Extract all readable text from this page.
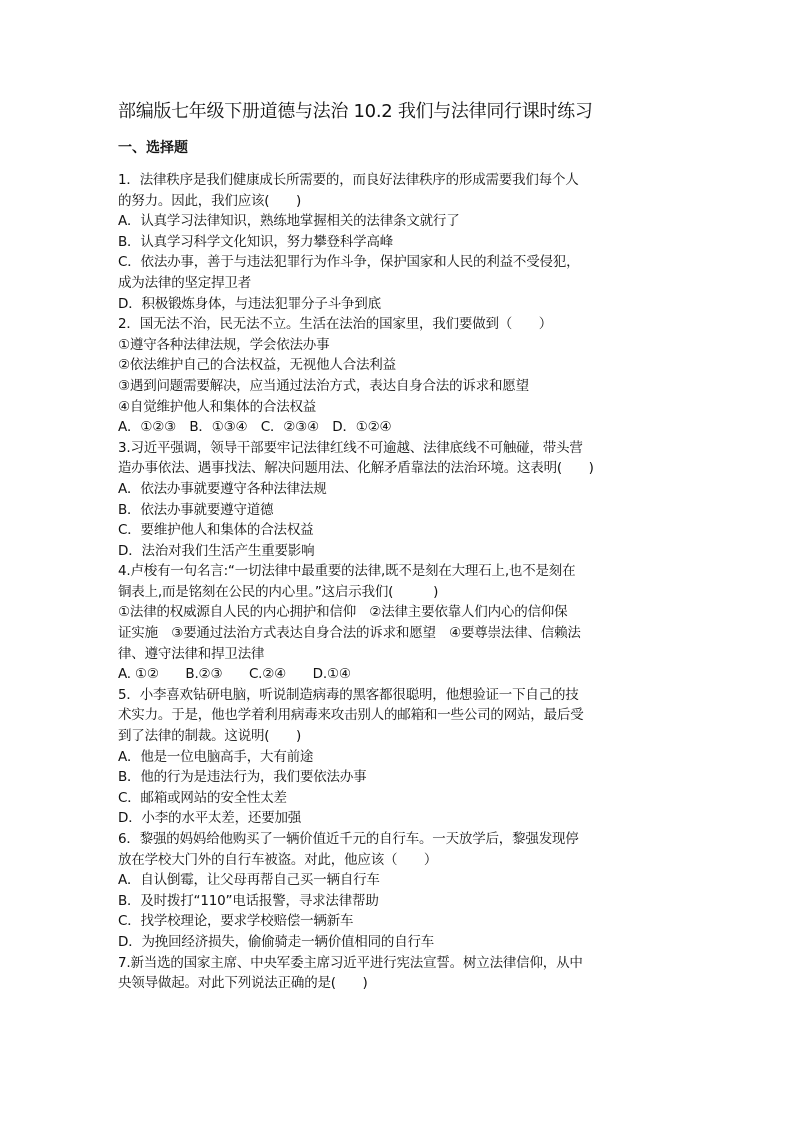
部编版七年级下册道德与法治 10.2 我们与法律同行课时练习
一、选择题

1．法律秩序是我们健康成长所需要的，而良好法律秩序的形成需要我们每个人

的努力。因此，我们应该(　　)

A．认真学习法律知识，熟练地掌握相关的法律条文就行了

B．认真学习科学文化知识，努力攀登科学高峰

C．依法办事，善于与违法犯罪行为作斗争，保护国家和人民的利益不受侵犯，

成为法律的坚定捍卫者

D．积极锻炼身体，与违法犯罪分子斗争到底

2．国无法不治，民无法不立。生活在法治的国家里，我们要做到（　　）

①遵守各种法律法规，学会依法办事

②依法维护自己的合法权益，无视他人合法利益

③遇到问题需要解决，应当通过法治方式，表达自身合法的诉求和愿望

④自觉维护他人和集体的合法权益

A．①②③　B．①③④　C．②③④　D．①②④

3.习近平强调，领导干部要牢记法律红线不可逾越、法律底线不可触碰，带头营

造办事依法、遇事找法、解决问题用法、化解矛盾靠法的法治环境。这表明(　　)

A．依法办事就要遵守各种法律法规

B．依法办事就要遵守道德

C．要维护他人和集体的合法权益

D．法治对我们生活产生重要影响

4.卢梭有一句名言:“一切法律中最重要的法律,既不是刻在大理石上,也不是刻在

铜表上,而是铭刻在公民的内心里。”这启示我们(　　　)

①法律的权威源自人民的内心拥护和信仰　②法律主要依靠人们内心的信仰保

证实施　③要通过法治方式表达自身合法的诉求和愿望　④要尊崇法律、信赖法

律、遵守法律和捍卫法律

A. ①②　　B.②③　　C.②④　　D.①④

5．小李喜欢钻研电脑，听说制造病毒的黑客都很聪明，他想验证一下自己的技

术实力。于是，他也学着利用病毒来攻击别人的邮箱和一些公司的网站，最后受

到了法律的制裁。这说明(　　)

A．他是一位电脑高手，大有前途

B．他的行为是违法行为，我们要依法办事

C．邮箱或网站的安全性太差

D．小李的水平太差，还要加强

6．黎强的妈妈给他购买了一辆价值近千元的自行车。一天放学后，黎强发现停

放在学校大门外的自行车被盗。对此，他应该（　　）

A．自认倒霉，让父母再帮自己买一辆自行车

B．及时拨打“110”电话报警，寻求法律帮助

C．找学校理论，要求学校赔偿一辆新车

D．为挽回经济损失，偷偷骑走一辆价值相同的自行车

7.新当选的国家主席、中央军委主席习近平进行宪法宣誓。树立法律信仰，从中

央领导做起。对此下列说法正确的是(　　)
